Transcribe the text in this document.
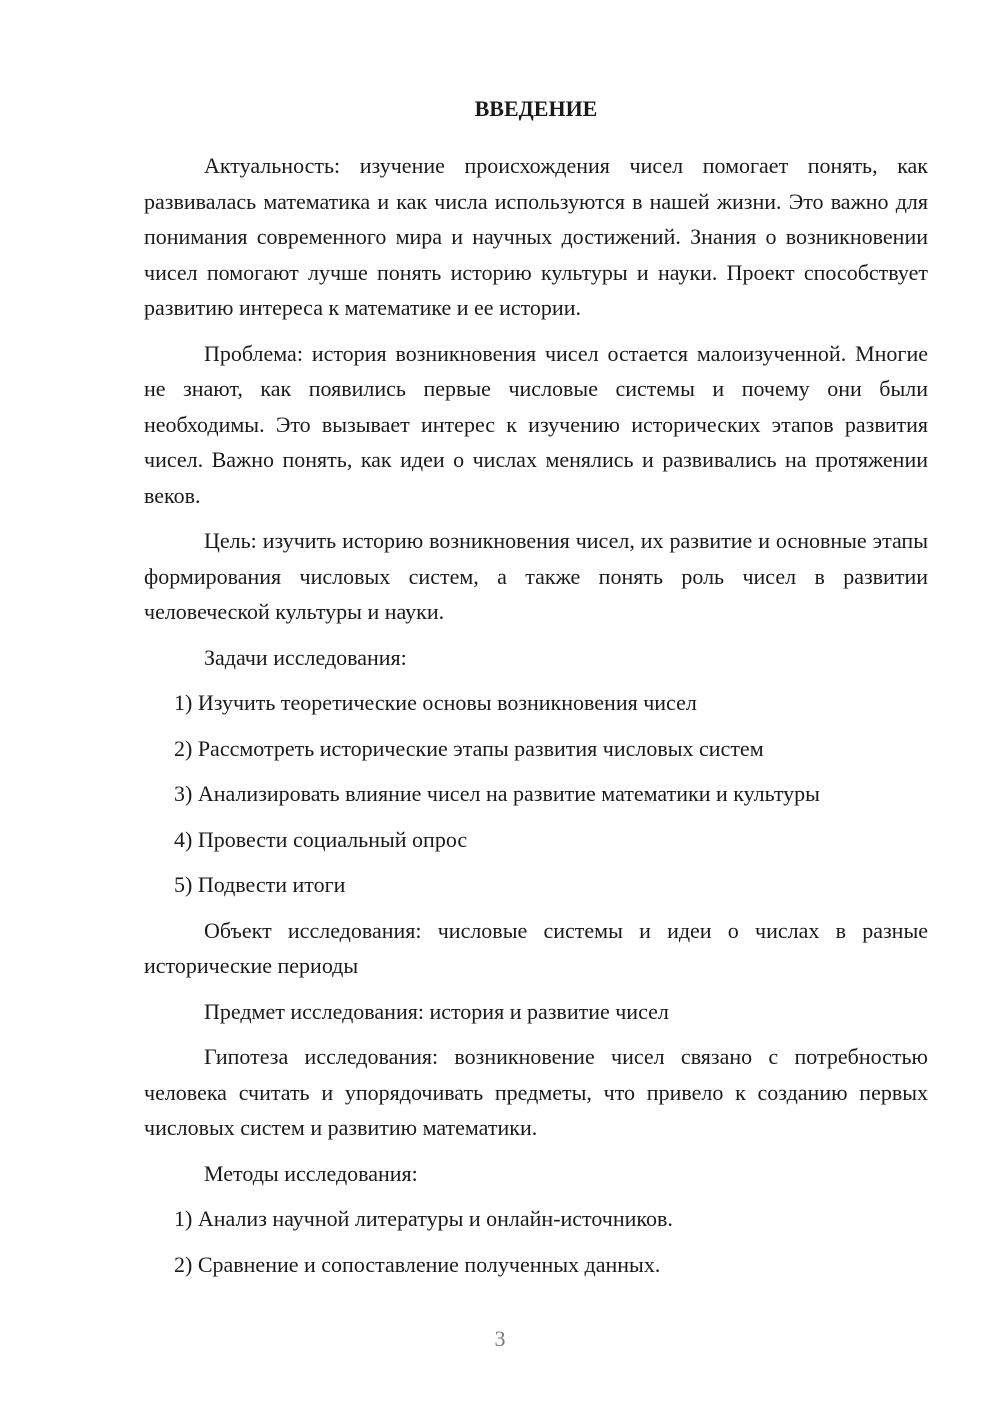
ВВЕДЕНИЕ

Актуальность: изучение происхождения чисел помогает понять, как развивалась математика и как числа используются в нашей жизни. Это важно для понимания современного мира и научных достижений. Знания о возникновении чисел помогают лучше понять историю культуры и науки. Проект способствует развитию интереса к математике и ее истории.

Проблема: история возникновения чисел остается малоизученной. Многие не знают, как появились первые числовые системы и почему они были необходимы. Это вызывает интерес к изучению исторических этапов развития чисел. Важно понять, как идеи о числах менялись и развивались на протяжении веков.

Цель: изучить историю возникновения чисел, их развитие и основные этапы формирования числовых систем, а также понять роль чисел в развитии человеческой культуры и науки.

Задачи исследования:

1) Изучить теоретические основы возникновения чисел

2) Рассмотреть исторические этапы развития числовых систем

3) Анализировать влияние чисел на развитие математики и культуры

4) Провести социальный опрос

5) Подвести итоги

Объект исследования: числовые системы и идеи о числах в разные исторические периоды

Предмет исследования: история и развитие чисел

Гипотеза исследования: возникновение чисел связано с потребностью человека считать и упорядочивать предметы, что привело к созданию первых числовых систем и развитию математики.

Методы исследования:

1) Анализ научной литературы и онлайн-источников.

2) Сравнение и сопоставление полученных данных.

3
